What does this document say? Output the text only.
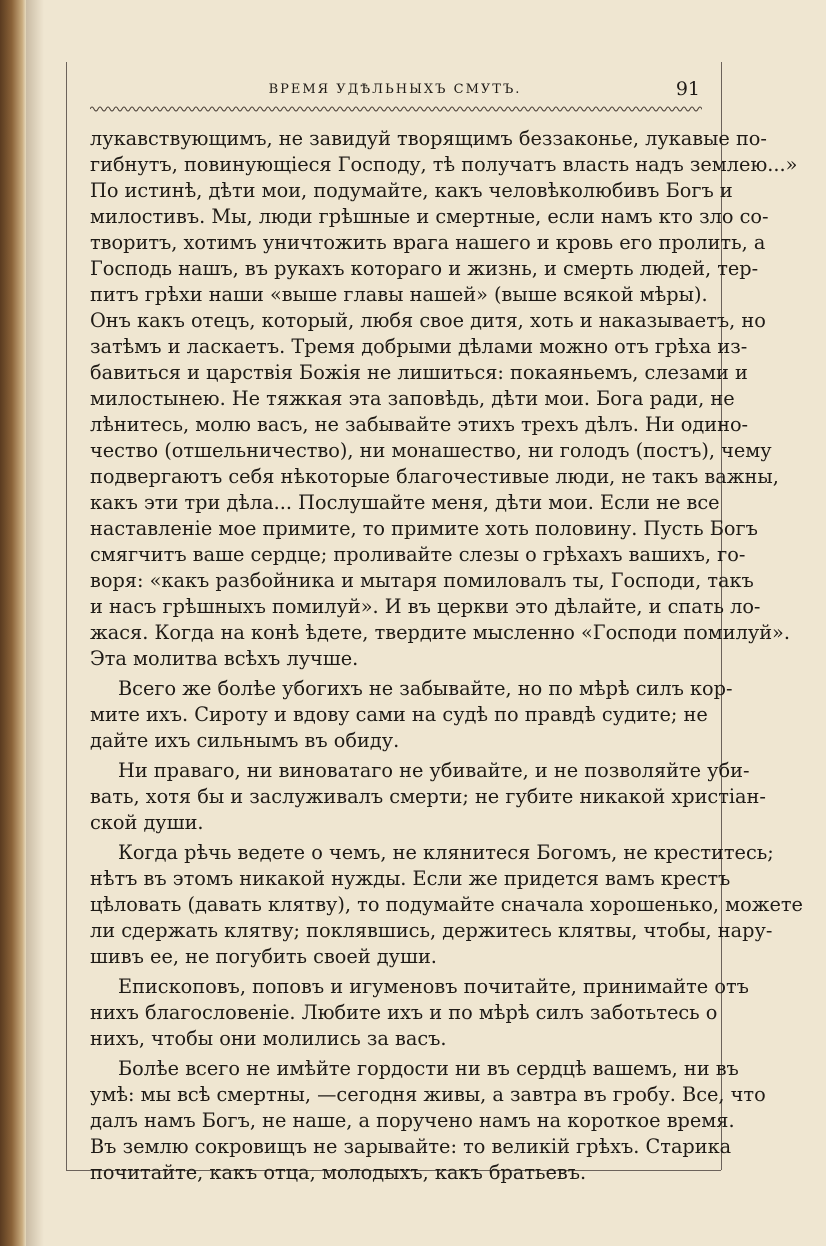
ВРЕМЯ УДѢЛЬНЫХЪ СМУТЪ.	91
лукавствующимъ, не завидуй творящимъ беззаконье, лукавые по-
гибнутъ, повинующіеся Господу, тѣ получатъ власть надъ землею...»
По истинѣ, дѣти мои, подумайте, какъ человѣколюбивъ Богъ и
милостивъ. Мы, люди грѣшные и смертные, если намъ кто зло со-
творитъ, хотимъ уничтожить врага нашего и кровь его пролить, а
Господь нашъ, въ рукахъ котораго и жизнь, и смерть людей, тер-
питъ грѣхи наши «выше главы нашей» (выше всякой мѣры).
Онъ какъ отецъ, который, любя свое дитя, хоть и наказываетъ, но
затѣмъ и ласкаетъ. Тремя добрыми дѣлами можно отъ грѣха из-
бавиться и царствія Божія не лишиться: покаяньемъ, слезами и
милостынею. Не тяжкая эта заповѣдь, дѣти мои. Бога ради, не
лѣнитесь, молю васъ, не забывайте этихъ трехъ дѣлъ. Ни одино-
чество (отшельничество), ни монашество, ни голодъ (постъ), чему
подвергаютъ себя нѣкоторые благочестивые люди, не такъ важны,
какъ эти три дѣла... Послушайте меня, дѣти мои. Если не все
наставленіе мое примите, то примите хоть половину. Пусть Богъ
смягчитъ ваше сердце; проливайте слезы о грѣхахъ вашихъ, го-
воря: «какъ разбойника и мытаря помиловалъ ты, Господи, такъ
и насъ грѣшныхъ помилуй». И въ церкви это дѣлайте, и спать ло-
жася. Когда на конѣ ѣдете, твердите мысленно «Господи помилуй».
Эта молитва всѣхъ лучше.
Всего же болѣе убогихъ не забывайте, но по мѣрѣ силъ кор-
мите ихъ. Сироту и вдову сами на судѣ по правдѣ судите; не
дайте ихъ сильнымъ въ обиду.
Ни праваго, ни виноватаго не убивайте, и не позволяйте уби-
вать, хотя бы и заслуживалъ смерти; не губите никакой христіан-
ской души.
Когда рѣчь ведете о чемъ, не клянитеся Богомъ, не креститесь;
нѣтъ въ этомъ никакой нужды. Если же придется вамъ крестъ
цѣловать (давать клятву), то подумайте сначала хорошенько, можете
ли сдержать клятву; поклявшись, держитесь клятвы, чтобы, нару-
шивъ ее, не погубить своей души.
Епископовъ, поповъ и игуменовъ почитайте, принимайте отъ
нихъ благословеніе. Любите ихъ и по мѣрѣ силъ заботьтесь о
нихъ, чтобы они молились за васъ.
Болѣе всего не имѣйте гордости ни въ сердцѣ вашемъ, ни въ
умѣ: мы всѣ смертны, —сегодня живы, а завтра въ гробу. Все, что
далъ намъ Богъ, не наше, а поручено намъ на короткое время.
Въ землю сокровищъ не зарывайте: то великій грѣхъ. Старика
почитайте, какъ отца, молодыхъ, какъ братьевъ.
